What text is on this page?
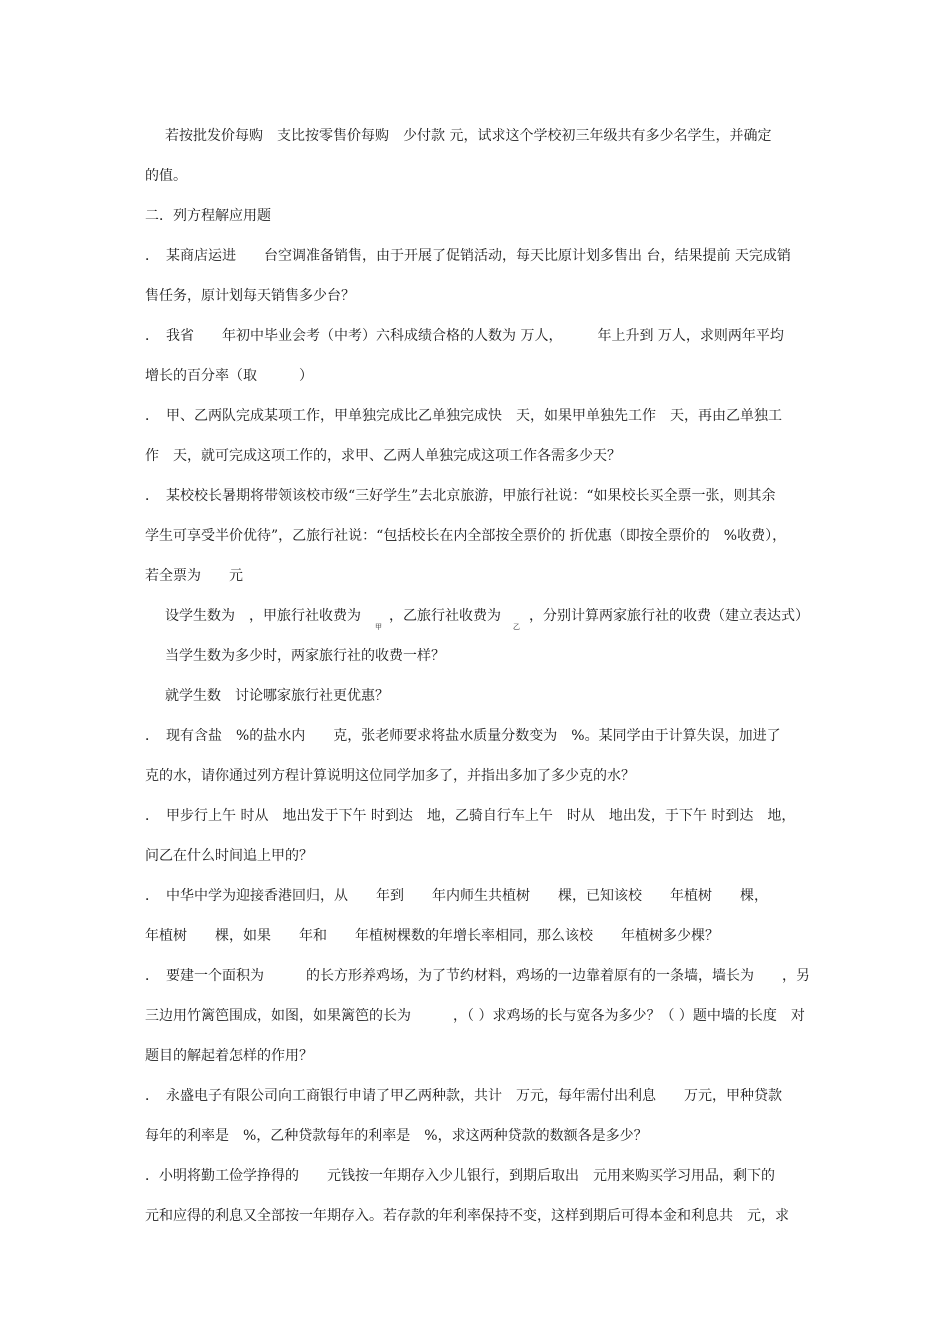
若按批发价每购　支比按零售价每购　少付款 元，试求这个学校初三年级共有多少名学生，并确定
的值。
二．列方程解应用题
．　某商店运进　　台空调准备销售，由于开展了促销活动，每天比原计划多售出 台，结果提前 天完成销
售任务，原计划每天销售多少台？
．　我省　　年初中毕业会考（中考）六科成绩合格的人数为 万人，　　　年上升到 万人，求则两年平均
增长的百分率（取　　　）
．　甲、乙两队完成某项工作，甲单独完成比乙单独完成快　天，如果甲单独先工作　天，再由乙单独工
作　天，就可完成这项工作的，求甲、乙两人单独完成这项工作各需多少天？
．　某校校长暑期将带领该校市级“三好学生”去北京旅游，甲旅行社说：“如果校长买全票一张，则其余
学生可享受半价优待”，乙旅行社说：“包括校长在内全部按全票价的 折优惠（即按全票价的　%收费），
若全票为　　元
设学生数为　，甲旅行社收费为　　，乙旅行社收费为　　，分别计算两家旅行社的收费（建立表达式）
$_甲$	$_乙$
当学生数为多少时，两家旅行社的收费一样？
就学生数　讨论哪家旅行社更优惠？
．　现有含盐　%的盐水内　　克，张老师要求将盐水质量分数变为　%。某同学由于计算失误，加进了
克的水，请你通过列方程计算说明这位同学加多了，并指出多加了多少克的水？
．　甲步行上午 时从　地出发于下午 时到达　地，乙骑自行车上午　时从　地出发，于下午 时到达　地，
问乙在什么时间追上甲的？
．　中华中学为迎接香港回归，从　　年到　　年内师生共植树　　棵，已知该校　　年植树　　棵，
年植树　　棵，如果　　年和　　年植树棵数的年增长率相同，那么该校　　年植树多少棵？
．　要建一个面积为　　　的长方形养鸡场，为了节约材料，鸡场的一边靠着原有的一条墙，墙长为　　，另
三边用竹篱笆围成，如图，如果篱笆的长为　　　，（ ）求鸡场的长与宽各为多少？（ ）题中墙的长度　对
题目的解起着怎样的作用？
．　永盛电子有限公司向工商银行申请了甲乙两种款，共计　万元，每年需付出利息　　万元，甲种贷款
每年的利率是　%，乙种贷款每年的利率是　%，求这两种贷款的数额各是多少？
．小明将勤工俭学挣得的　　元钱按一年期存入少儿银行，到期后取出　元用来购买学习用品，剩下的
元和应得的利息又全部按一年期存入。若存款的年利率保持不变，这样到期后可得本金和利息共　元，求
